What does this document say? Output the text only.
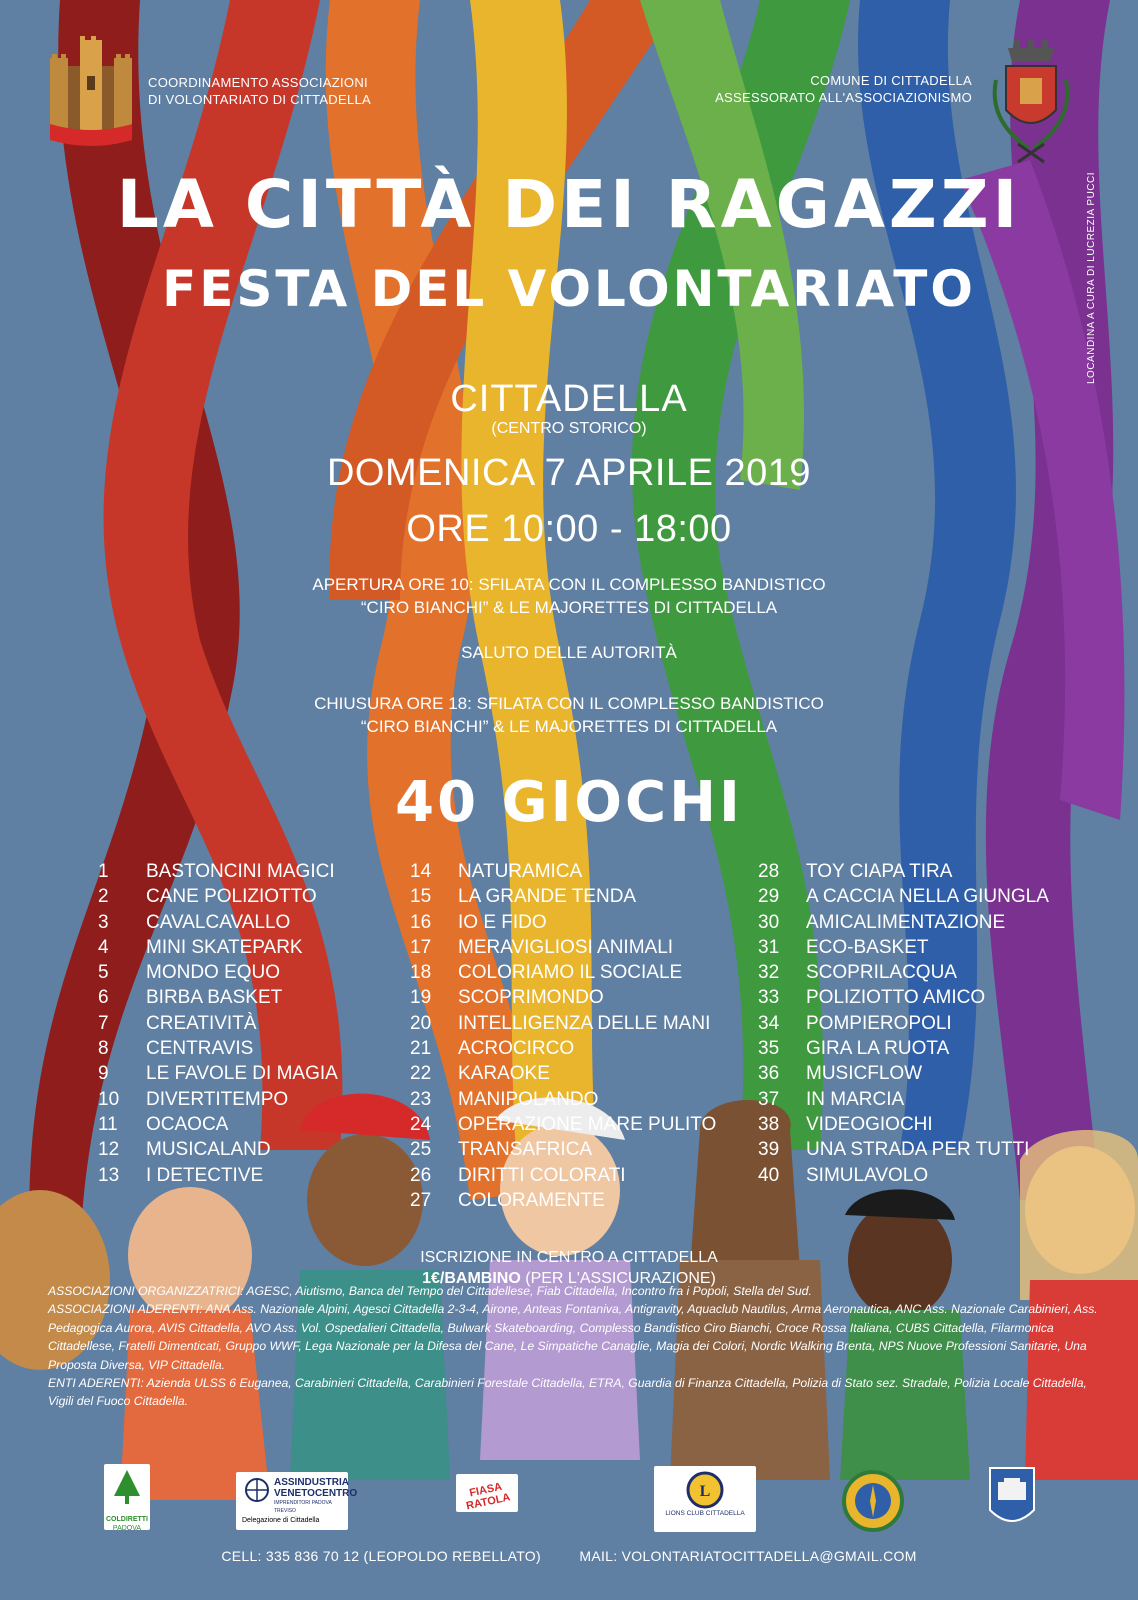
COORDINAMENTO ASSOCIAZIONI
DI VOLONTARIATO DI CITTADELLA
COMUNE DI CITTADELLA
ASSESSORATO ALL'ASSOCIAZIONISMO
LOCANDINA A CURA DI LUCREZIA PUCCI
LA CITTÀ DEI RAGAZZI
FESTA DEL VOLONTARIATO
CITTADELLA
(CENTRO STORICO)
DOMENICA 7 APRILE 2019
ORE 10:00 - 18:00
APERTURA ORE 10: SFILATA CON IL COMPLESSO BANDISTICO
“CIRO BIANCHI” & LE MAJORETTES DI CITTADELLA
SALUTO DELLE AUTORITÀ
CHIUSURA ORE 18: SFILATA CON IL COMPLESSO BANDISTICO
“CIRO BIANCHI” & LE MAJORETTES DI CITTADELLA
40 GIOCHI
1	BASTONCINI MAGICI
2	CANE POLIZIOTTO
3	CAVALCAVALLO
4	MINI SKATEPARK
5	MONDO EQUO
6	BIRBA BASKET
7	CREATIVITÀ
8	CENTRAVIS
9	LE FAVOLE DI MAGIA
10	DIVERTITEMPO
11	OCAOCA
12	MUSICALAND
13	I DETECTIVE
14	NATURAMICA
15	LA GRANDE TENDA
16	IO E FIDO
17	MERAVIGLIOSI ANIMALI
18	COLORIAMO IL SOCIALE
19	SCOPRIMONDO
20	INTELLIGENZA DELLE MANI
21	ACROCIRCO
22	KARAOKE
23	MANIPOLANDO
24	OPERAZIONE MARE PULITO
25	TRANSAFRICA
26	DIRITTI COLORATI
27	COLORAMENTE
28	TOY CIAPA TIRA
29	A CACCIA NELLA GIUNGLA
30	AMICALIMENTAZIONE
31	ECO-BASKET
32	SCOPRILACQUA
33	POLIZIOTTO AMICO
34	POMPIEROPOLI
35	GIRA LA RUOTA
36	MUSICFLOW
37	IN MARCIA
38	VIDEOGIOCHI
39	UNA STRADA PER TUTTI
40	SIMULAVOLO
ISCRIZIONE IN CENTRO A CITTADELLA
1€/BAMBINO (PER L'ASSICURAZIONE)

ASSOCIAZIONI ORGANIZZATRICI: AGESC, Aiutismo, Banca del Tempo del Cittadellese, Fiab Cittadella, Incontro fra i Popoli, Stella del Sud.

ASSOCIAZIONI ADERENTI: ANA Ass. Nazionale Alpini, Agesci Cittadella 2-3-4, Airone, Anteas Fontaniva, Antigravity, Aquaclub Nautilus, Arma Aeronautica, ANC Ass. Nazionale Carabinieri, Ass. Pedagogica Aurora, AVIS Cittadella, AVO Ass. Vol. Ospedalieri Cittadella, Bulwark Skateboarding, Complesso Bandistico Ciro Bianchi, Croce Rossa Italiana, CUBS Cittadella, Filarmonica Cittadellese, Fratelli Dimenticati, Gruppo WWF, Lega Nazionale per la Difesa del Cane, Le Simpatiche Canaglie, Magia dei Colori, Nordic Walking Brenta, NPS Nuove Professioni Sanitarie, Una Proposta Diversa, VIP Cittadella.

ENTI ADERENTI: Azienda ULSS 6 Euganea, Carabinieri Cittadella, Carabinieri Forestale Cittadella, ETRA, Guardia di Finanza Cittadella, Polizia di Stato sez. Stradale, Polizia Locale Cittadella, Vigili del Fuoco Cittadella.

COLDIRETTI
PADOVA
ASSINDUSTRIA
VENETOCENTRO
IMPRENDITORI PADOVA TREVISO
Delegazione di Cittadella
FIASA RATOLA	L
LIONS CLUB CITTADELLA
CELL: 335 836 70 12 (LEOPOLDO REBELLATO)	MAIL: VOLONTARIATOCITTADELLA@GMAIL.COM
